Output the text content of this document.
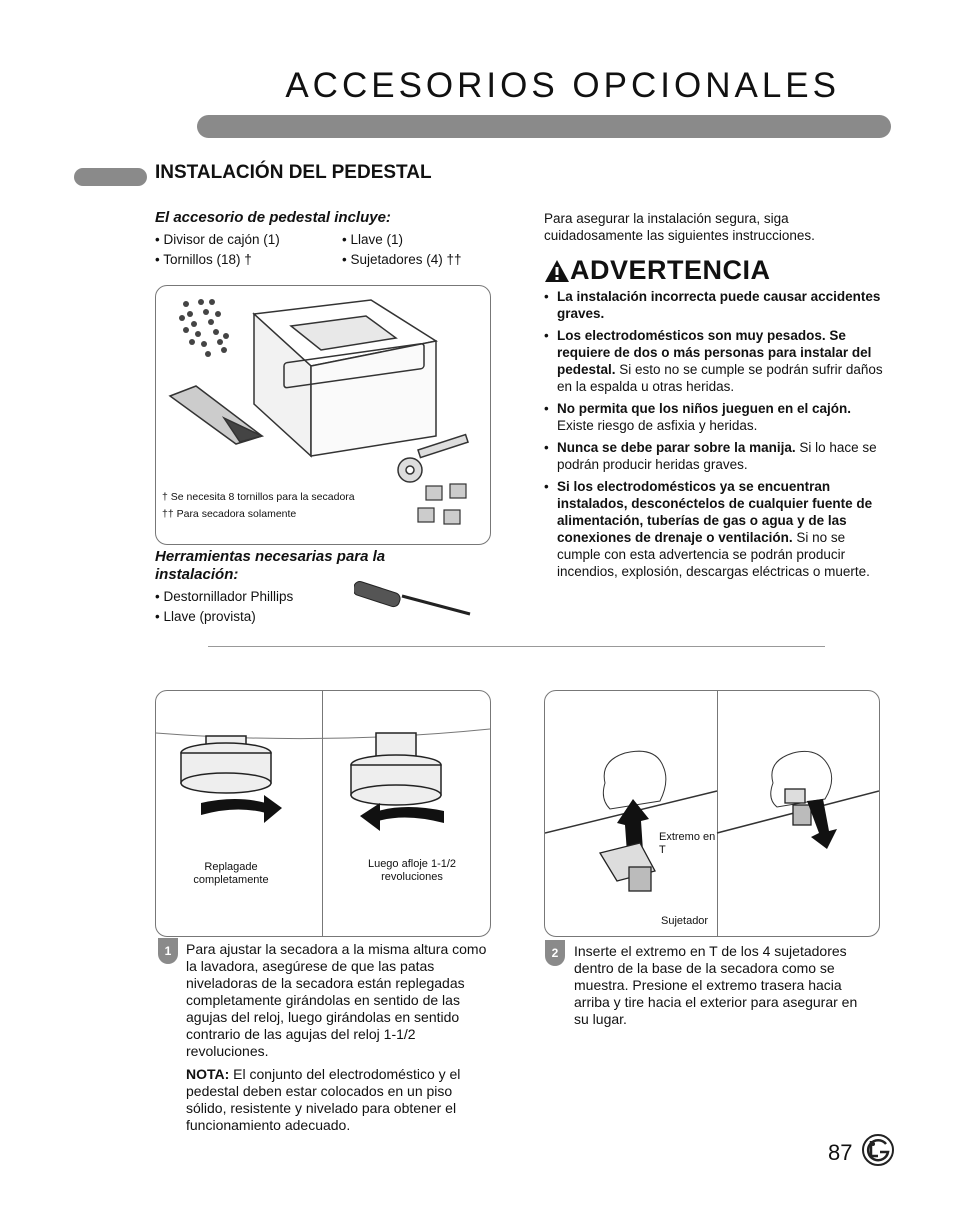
ACCESORIOS OPCIONALES
INSTALACIÓN DEL PEDESTAL

El accesorio de pedestal incluye:

• Divisor de cajón (1)
• Tornillos (18) †
• Llave (1)
• Sujetadores (4) ††
† Se necesita 8 tornillos para la secadora
†† Para secadora solamente

Herramientas necesarias para la instalación:

• Destornillador Phillips
• Llave (provista)
Para asegurar la instalación segura, siga cuidadosamente las siguientes instrucciones.
ADVERTENCIA
• La instalación incorrecta puede causar accidentes graves.
• Los electrodomésticos son muy pesados. Se requiere de dos o más personas para instalar del pedestal. Si esto no se cumple se podrán sufrir daños en la espalda u otras heridas.
• No permita que los niños jueguen en el cajón. Existe riesgo de asfixia y heridas.
• Nunca se debe parar sobre la manija. Si lo hace se podrán producir heridas graves.
• Si los electrodomésticos ya se encuentran instalados, desconéctelos de cualquier fuente de alimentación, tuberías de gas o agua y de las conexiones de drenaje o ventilación. Si no se cumple con esta advertencia se podrán producir incendios, explosión, descargas eléctricas o muerte.
Replagade completamente
Luego afloje 1-1/2 revoluciones
1	Para ajustar la secadora a la misma altura como la lavadora, asegúrese de que las patas niveladoras de la secadora están replegadas completamente girándolas en sentido de las agujas del reloj, luego girándolas en sentido contrario de las agujas del reloj 1-1/2 revoluciones.
NOTA: El conjunto del electrodoméstico y el pedestal deben estar colocados en un piso sólido, resistente y nivelado para obtener el funcionamiento adecuado.
Extremo en T
Sujetador
2	Inserte el extremo en T de los 4 sujetadores dentro de la base de la secadora como se muestra. Presione el extremo trasera hacia arriba y tire hacia el exterior para asegurar en su lugar.
87
